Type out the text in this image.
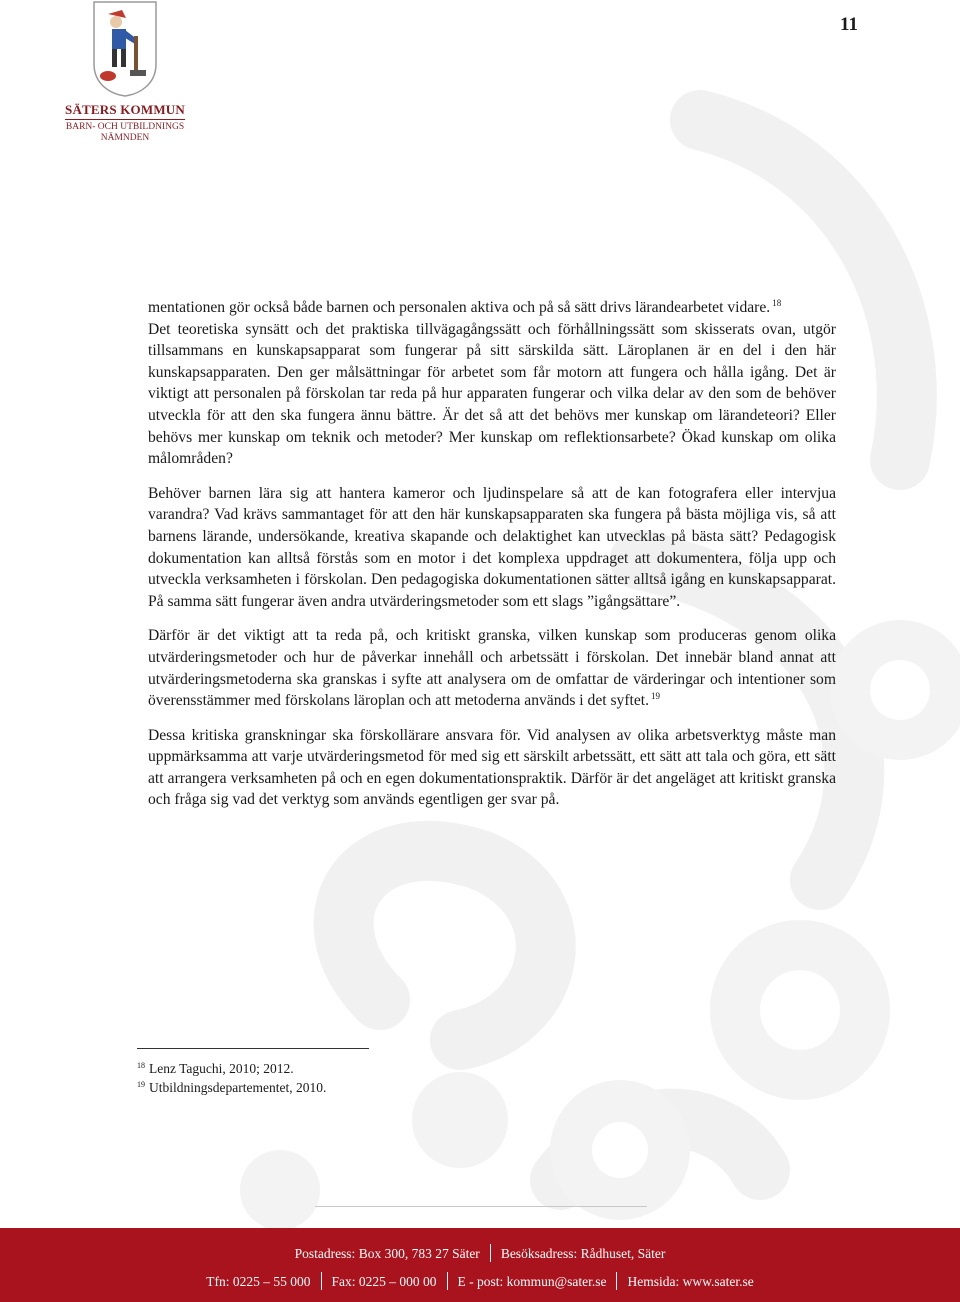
SÄTERS KOMMUN
BARN- OCH UTBILDNINGS
NÄMNDEN
11

mentationen gör också både barnen och personalen aktiva och på så sätt drivs lärandearbetet vidare. $^{18}$

Det teoretiska synsätt och det praktiska tillvägagångssätt och förhållningssätt som skisserats ovan, utgör tillsammans en kunskapsapparat som fungerar på sitt särskilda sätt. Läroplanen är en del i den här kunskapsapparaten. Den ger målsättningar för arbetet som får motorn att fungera och hålla igång. Det är viktigt att personalen på förskolan tar reda på hur apparaten fungerar och vilka delar av den som de behöver utveckla för att den ska fungera ännu bättre. Är det så att det behövs mer kunskap om lärandeteori? Eller behövs mer kunskap om teknik och metoder? Mer kunskap om reflektionsarbete? Ökad kunskap om olika målområden?

Behöver barnen lära sig att hantera kameror och ljudinspelare så att de kan fotografera eller intervjua varandra? Vad krävs sammantaget för att den här kunskapsapparaten ska fungera på bästa möjliga vis, så att barnens lärande, undersökande, kreativa skapande och delaktighet kan utvecklas på bästa sätt? Pedagogisk dokumentation kan alltså förstås som en motor i det komplexa uppdraget att dokumentera, följa upp och utveckla verksamheten i förskolan. Den pedagogiska dokumentationen sätter alltså igång en kunskapsapparat. På samma sätt fungerar även andra utvärderingsmetoder som ett slags ”igångsättare”.

Därför är det viktigt att ta reda på, och kritiskt granska, vilken kunskap som produceras genom olika utvärderingsmetoder och hur de påverkar innehåll och arbetssätt i förskolan. Det innebär bland annat att utvärderingsmetoderna ska granskas i syfte att analysera om de omfattar de värderingar och intentioner som överensstämmer med förskolans läroplan och att metoderna används i det syftet. $^{19}$

Dessa kritiska granskningar ska förskollärare ansvara för. Vid analysen av olika arbetsverktyg måste man uppmärksamma att varje utvärderingsmetod för med sig ett särskilt arbetssätt, ett sätt att tala och göra, ett sätt att arrangera verksamheten på och en egen dokumentationspraktik. Därför är det angeläget att kritiskt granska och fråga sig vad det verktyg som används egentligen ger svar på.

$^{18}$ Lenz Taguchi, 2010; 2012.
$^{19}$ Utbildningsdepartementet, 2010.
Postadress: Box 300, 783 27 Säter Besöksadress: Rådhuset, Säter
Tfn: 0225 – 55 000 Fax: 0225 – 000 00 E - post: kommun@sater.se Hemsida: www.sater.se
